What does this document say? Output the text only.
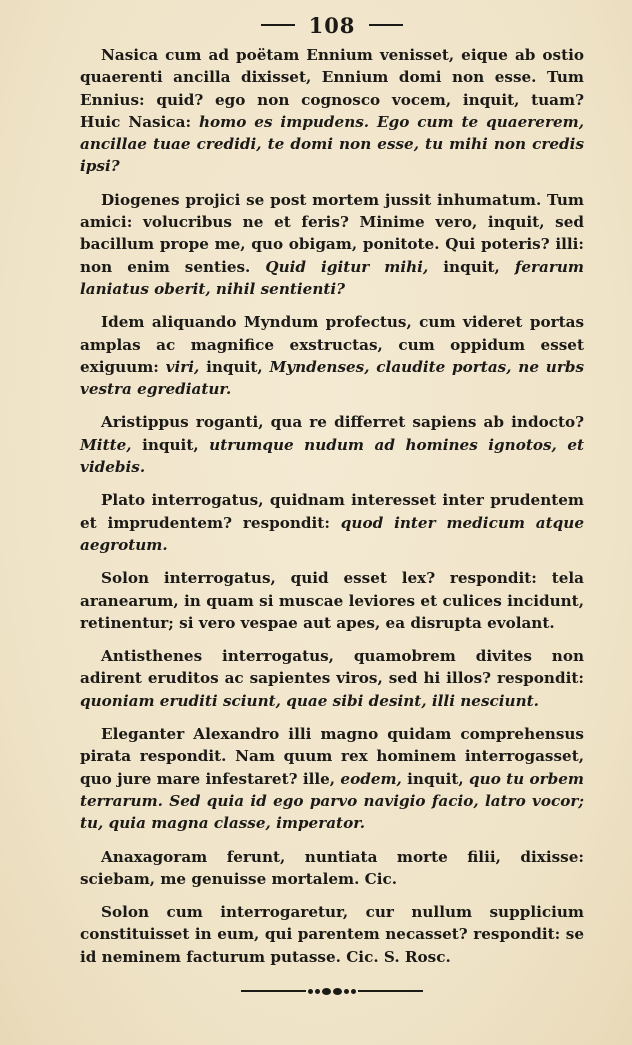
108

Nasica cum ad poëtam Ennium venisset, eique ab ostio quaerenti ancilla dixisset, Ennium domi non esse. Tum Ennius: quid? ego non cognosco vocem, inquit, tuam? Huic Nasica: homo es impudens. Ego cum te quaererem, ancillae tuae credidi, te domi non esse, tu mihi non credis ipsi?

Diogenes projici se post mortem jussit inhumatum. Tum amici: volucribus ne et feris? Minime vero, inquit, sed bacillum prope me, quo obigam, ponitote. Qui poteris? illi: non enim senties. Quid igitur mihi, inquit, ferarum laniatus oberit, nihil sentienti?

Idem aliquando Myndum profectus, cum videret portas amplas ac magnifice exstructas, cum oppidum esset exiguum: viri, inquit, Myndenses, claudite portas, ne urbs vestra egrediatur.

Aristippus roganti, qua re differret sapiens ab indocto? Mitte, inquit, utrumque nudum ad homines ignotos, et videbis.

Plato interrogatus, quidnam interesset inter prudentem et imprudentem? respondit: quod inter medicum atque aegrotum.

Solon interrogatus, quid esset lex? respondit: tela aranearum, in quam si muscae leviores et culices incidunt, retinentur; si vero vespae aut apes, ea disrupta evolant.

Antisthenes interrogatus, quamobrem divites non adirent eruditos ac sapientes viros, sed hi illos? respondit: quoniam eruditi sciunt, quae sibi desint, illi nesciunt.

Eleganter Alexandro illi magno quidam comprehensus pirata respondit. Nam quum rex hominem interrogasset, quo jure mare infestaret? ille, eodem, inquit, quo tu orbem terrarum. Sed quia id ego parvo navigio facio, latro vocor; tu, quia magna classe, imperator.

Anaxagoram ferunt, nuntiata morte filii, dixisse: sciebam, me genuisse mortalem. Cic.

Solon cum interrogaretur, cur nullum supplicium constituisset in eum, qui parentem necasset? respondit: se id neminem facturum putasse. Cic. S. Rosc.
